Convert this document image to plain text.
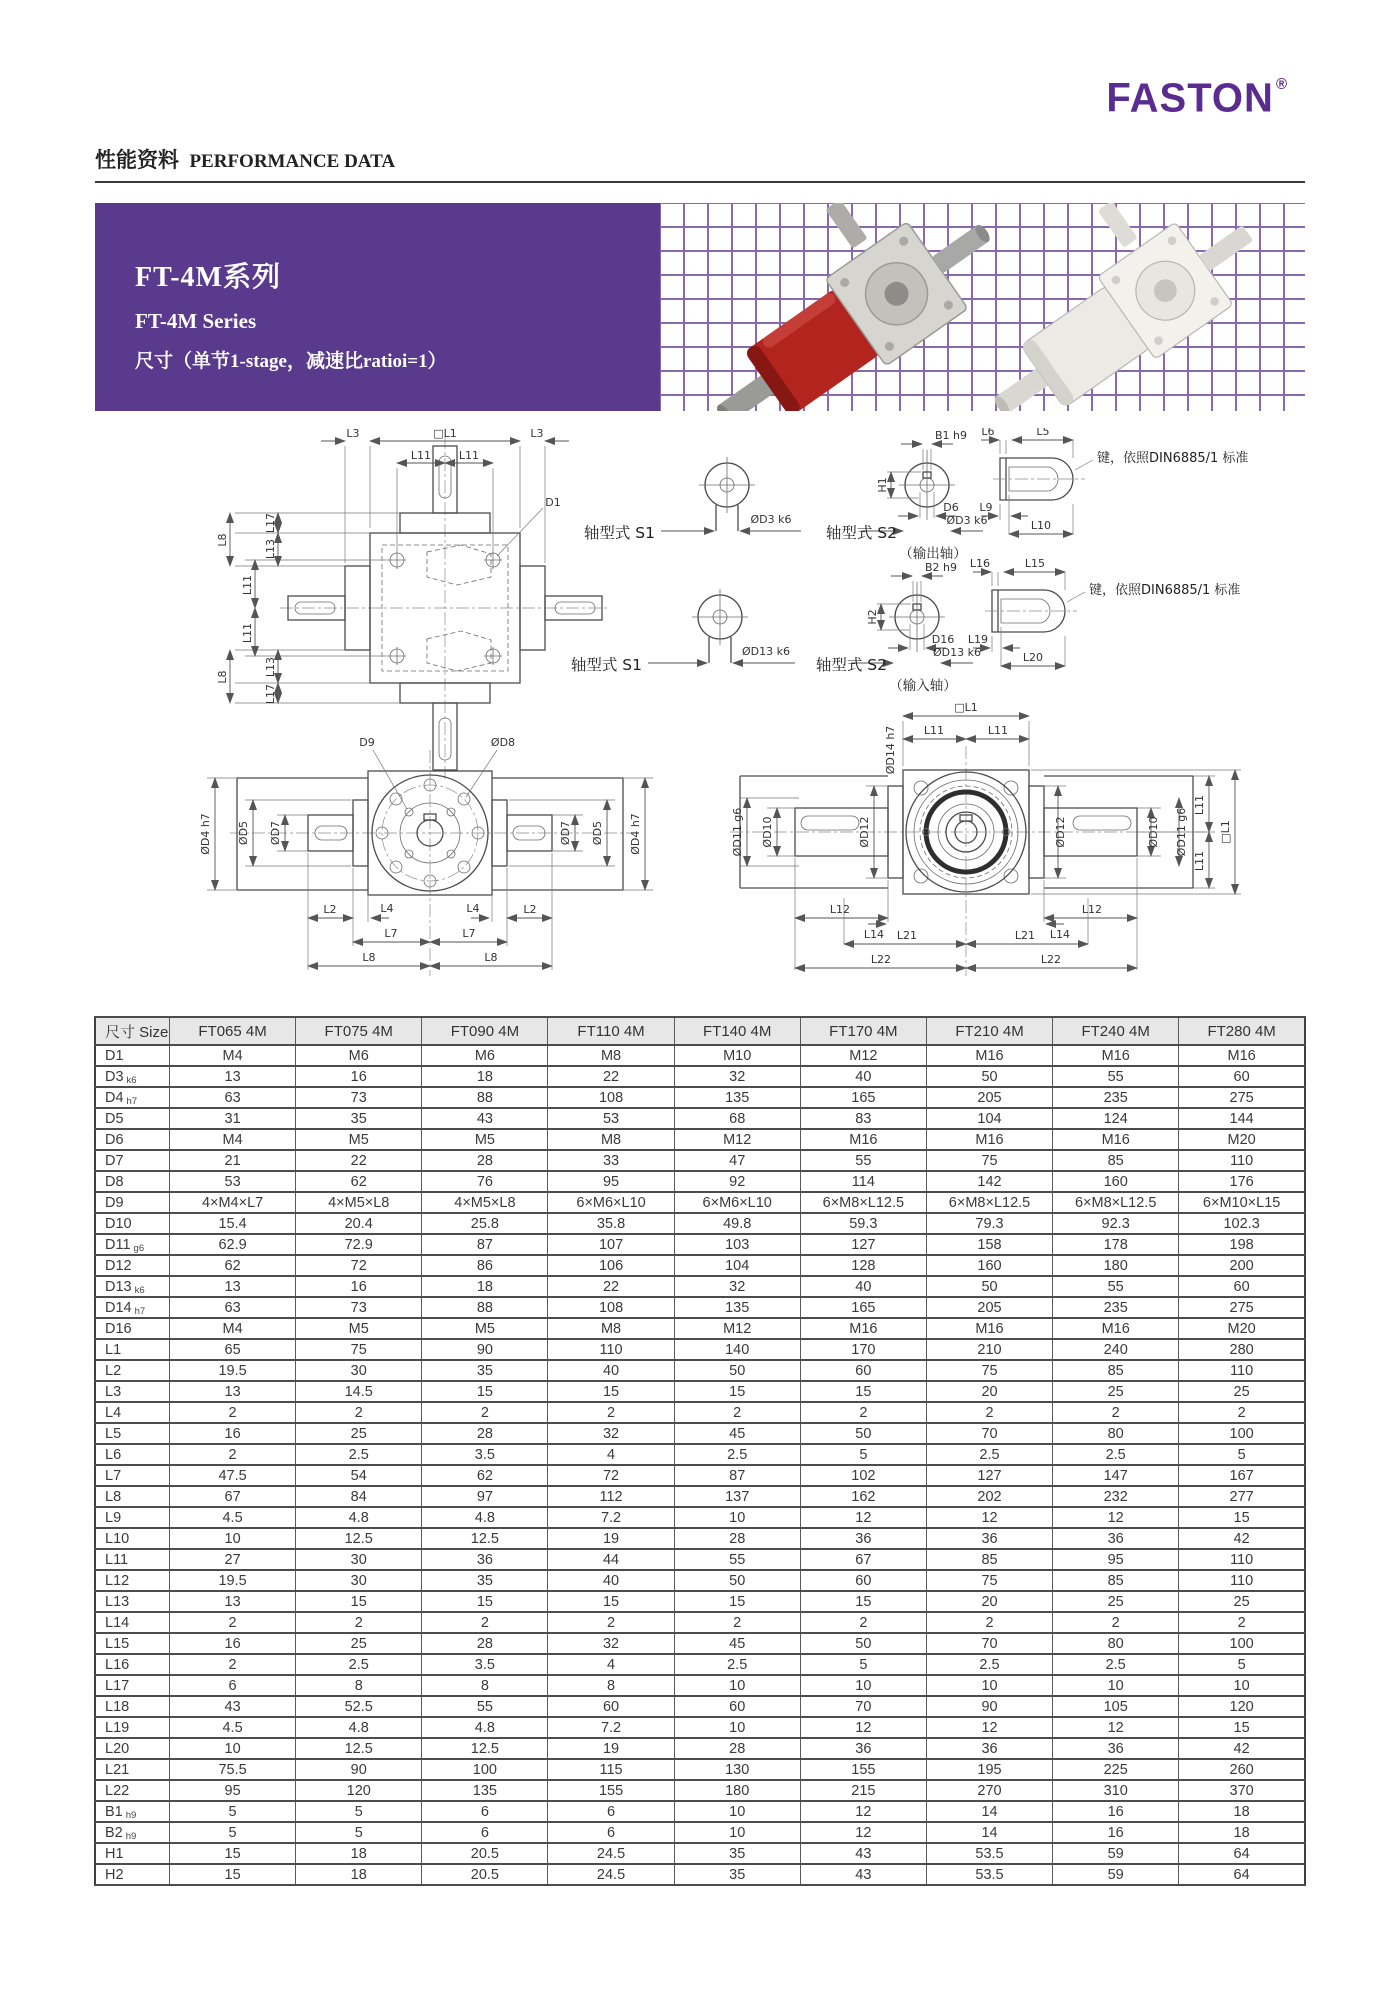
FASTON ®
性能资料 PERFORMANCE DATA
FT-4M系列
FT-4M Series
尺寸（单节1-stage，减速比ratioi=1）
L3	□L1	L3
L11	L11
L17
L13
L11
L11
L13
L17
L8
L8
D1
ØD3 k6
轴型式 S1
B1 h9
H1
D6
ØD3 k6
轴型式 S2
（输出轴）
L6	L5
L9
L10
键，依照DIN6885/1 标准
ØD13 k6
轴型式 S1
B2 h9
H2
D16
ØD13 k6
轴型式 S2
（输入轴）
L16	L15
L19
L20
键，依照DIN6885/1 标准
D9	ØD8
ØD4 h7 ØD5 ØD7	ØD7 ØD5 ØD4 h7
L2	L4	L4	L2
L7	L7
L8	L8
□L1
L11	L11
ØD14 h7
ØD11 g6 ØD10	ØD12	ØD12	ØD10 ØD11 g6
L11
L11
□L1
L12
L14	L14
L12
L21	L21
L22	L22
尺寸 Size	FT065 4M	FT075 4M	FT090 4M	FT110 4M	FT140 4M	FT170 4M	FT210 4M	FT240 4M	FT280 4M
D1	M4	M6	M6	M8	M10	M12	M16	M16	M16
D3 k6	13	16	18	22	32	40	50	55	60
D4 h7	63	73	88	108	135	165	205	235	275
D5	31	35	43	53	68	83	104	124	144
D6	M4	M5	M5	M8	M12	M16	M16	M16	M20
D7	21	22	28	33	47	55	75	85	110
D8	53	62	76	95	92	114	142	160	176
D9	4×M4×L7	4×M5×L8	4×M5×L8	6×M6×L10	6×M6×L10	6×M8×L12.5	6×M8×L12.5	6×M8×L12.5	6×M10×L15
D10	15.4	20.4	25.8	35.8	49.8	59.3	79.3	92.3	102.3
D11 g6	62.9	72.9	87	107	103	127	158	178	198
D12	62	72	86	106	104	128	160	180	200
D13 k6	13	16	18	22	32	40	50	55	60
D14 h7	63	73	88	108	135	165	205	235	275
D16	M4	M5	M5	M8	M12	M16	M16	M16	M20
L1	65	75	90	110	140	170	210	240	280
L2	19.5	30	35	40	50	60	75	85	110
L3	13	14.5	15	15	15	15	20	25	25
L4	2	2	2	2	2	2	2	2	2
L5	16	25	28	32	45	50	70	80	100
L6	2	2.5	3.5	4	2.5	5	2.5	2.5	5
L7	47.5	54	62	72	87	102	127	147	167
L8	67	84	97	112	137	162	202	232	277
L9	4.5	4.8	4.8	7.2	10	12	12	12	15
L10	10	12.5	12.5	19	28	36	36	36	42
L11	27	30	36	44	55	67	85	95	110
L12	19.5	30	35	40	50	60	75	85	110
L13	13	15	15	15	15	15	20	25	25
L14	2	2	2	2	2	2	2	2	2
L15	16	25	28	32	45	50	70	80	100
L16	2	2.5	3.5	4	2.5	5	2.5	2.5	5
L17	6	8	8	8	10	10	10	10	10
L18	43	52.5	55	60	60	70	90	105	120
L19	4.5	4.8	4.8	7.2	10	12	12	12	15
L20	10	12.5	12.5	19	28	36	36	36	42
L21	75.5	90	100	115	130	155	195	225	260
L22	95	120	135	155	180	215	270	310	370
B1 h9	5	5	6	6	10	12	14	16	18
B2 h9	5	5	6	6	10	12	14	16	18
H1	15	18	20.5	24.5	35	43	53.5	59	64
H2	15	18	20.5	24.5	35	43	53.5	59	64
